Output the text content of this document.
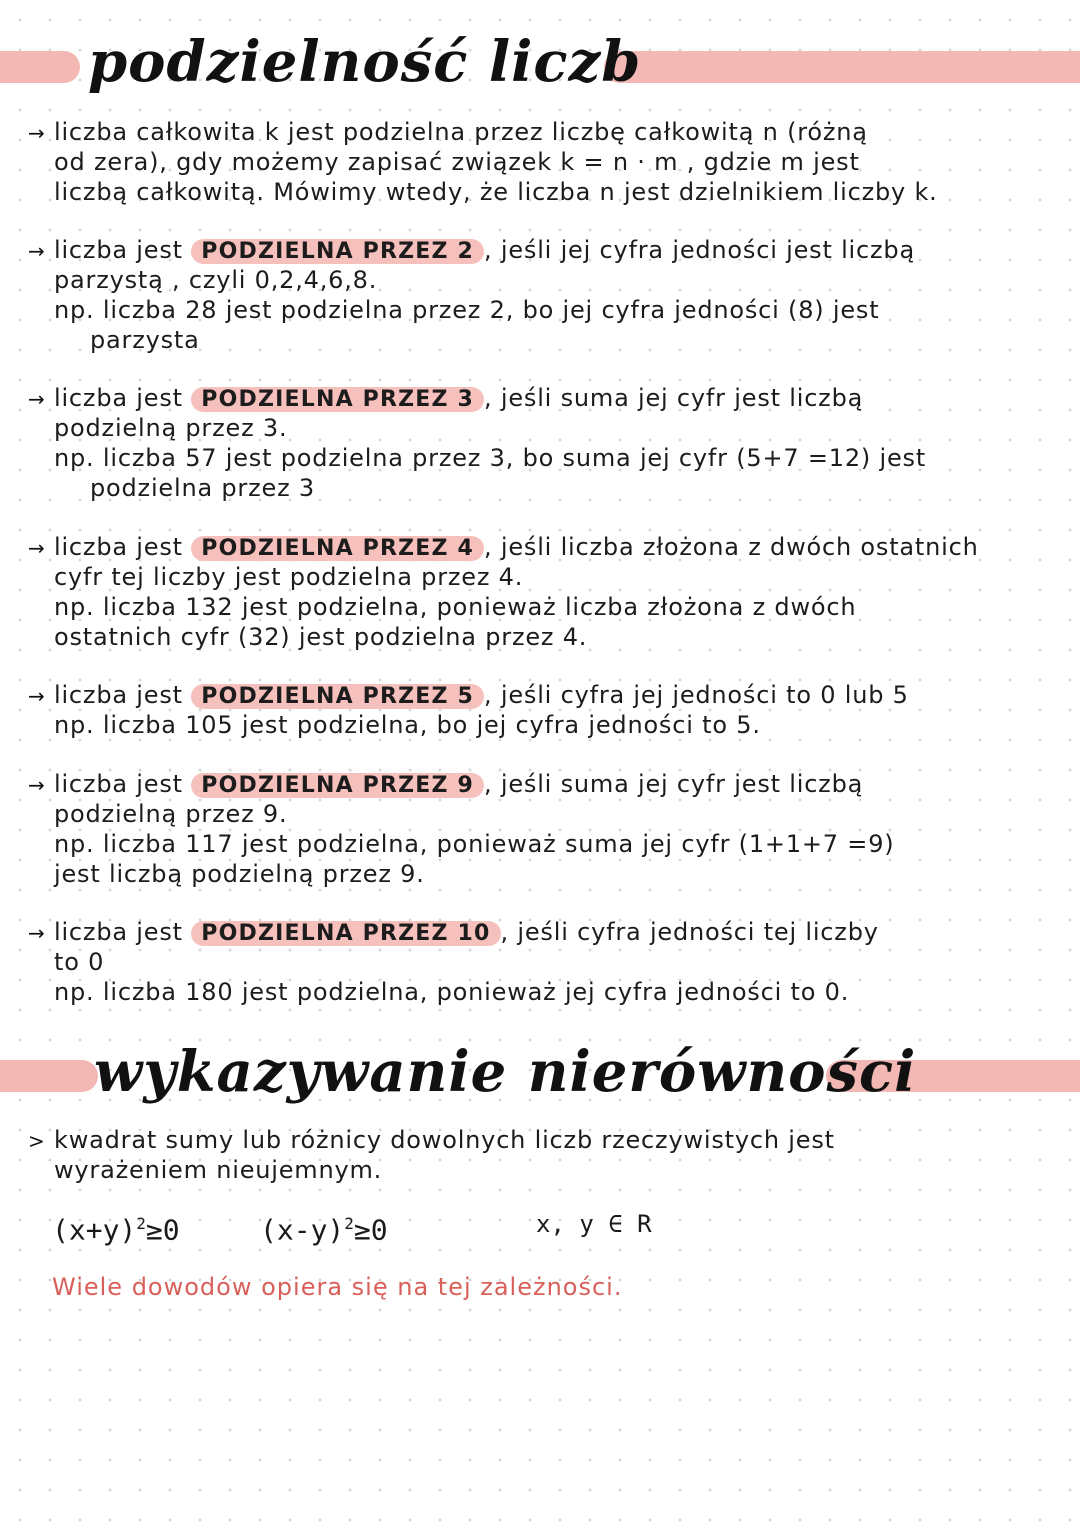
podzielność liczb
→ liczba całkowita k jest podzielna przez liczbę całkowitą n (różną
od zera), gdy możemy zapisać związek k = n · m , gdzie m jest
liczbą całkowitą. Mówimy wtedy, że liczba n jest dzielnikiem liczby k.
→ liczba jest PODZIELNA PRZEZ 2 , jeśli jej cyfra jedności jest liczbą
parzystą , czyli 0,2,4,6,8.
np. liczba 28 jest podzielna przez 2, bo jej cyfra jedności (8) jest
parzysta
→ liczba jest PODZIELNA PRZEZ 3 , jeśli suma jej cyfr jest liczbą
podzielną przez 3.
np. liczba 57 jest podzielna przez 3, bo suma jej cyfr (5+7 =12) jest
podzielna przez 3
→ liczba jest PODZIELNA PRZEZ 4 , jeśli liczba złożona z dwóch ostatnich
cyfr tej liczby jest podzielna przez 4.
np. liczba 132 jest podzielna, ponieważ liczba złożona z dwóch
ostatnich cyfr (32) jest podzielna przez 4.
→ liczba jest PODZIELNA PRZEZ 5 , jeśli cyfra jej jedności to 0 lub 5
np. liczba 105 jest podzielna, bo jej cyfra jedności to 5.
→ liczba jest PODZIELNA PRZEZ 9 , jeśli suma jej cyfr jest liczbą
podzielną przez 9.
np. liczba 117 jest podzielna, ponieważ suma jej cyfr (1+1+7 =9)
jest liczbą podzielną przez 9.
→ liczba jest PODZIELNA PRZEZ 10 , jeśli cyfra jedności tej liczby
to 0
np. liczba 180 jest podzielna, ponieważ jej cyfra jedności to 0.
wykazywanie nierówności
> kwadrat sumy lub różnicy dowolnych liczb rzeczywistych jest
wyrażeniem nieujemnym.
$(x+y)^2\ge 0$	$(x-y)^2\ge 0$	x, y ∈ R

Wiele dowodów opiera się na tej zależności.
